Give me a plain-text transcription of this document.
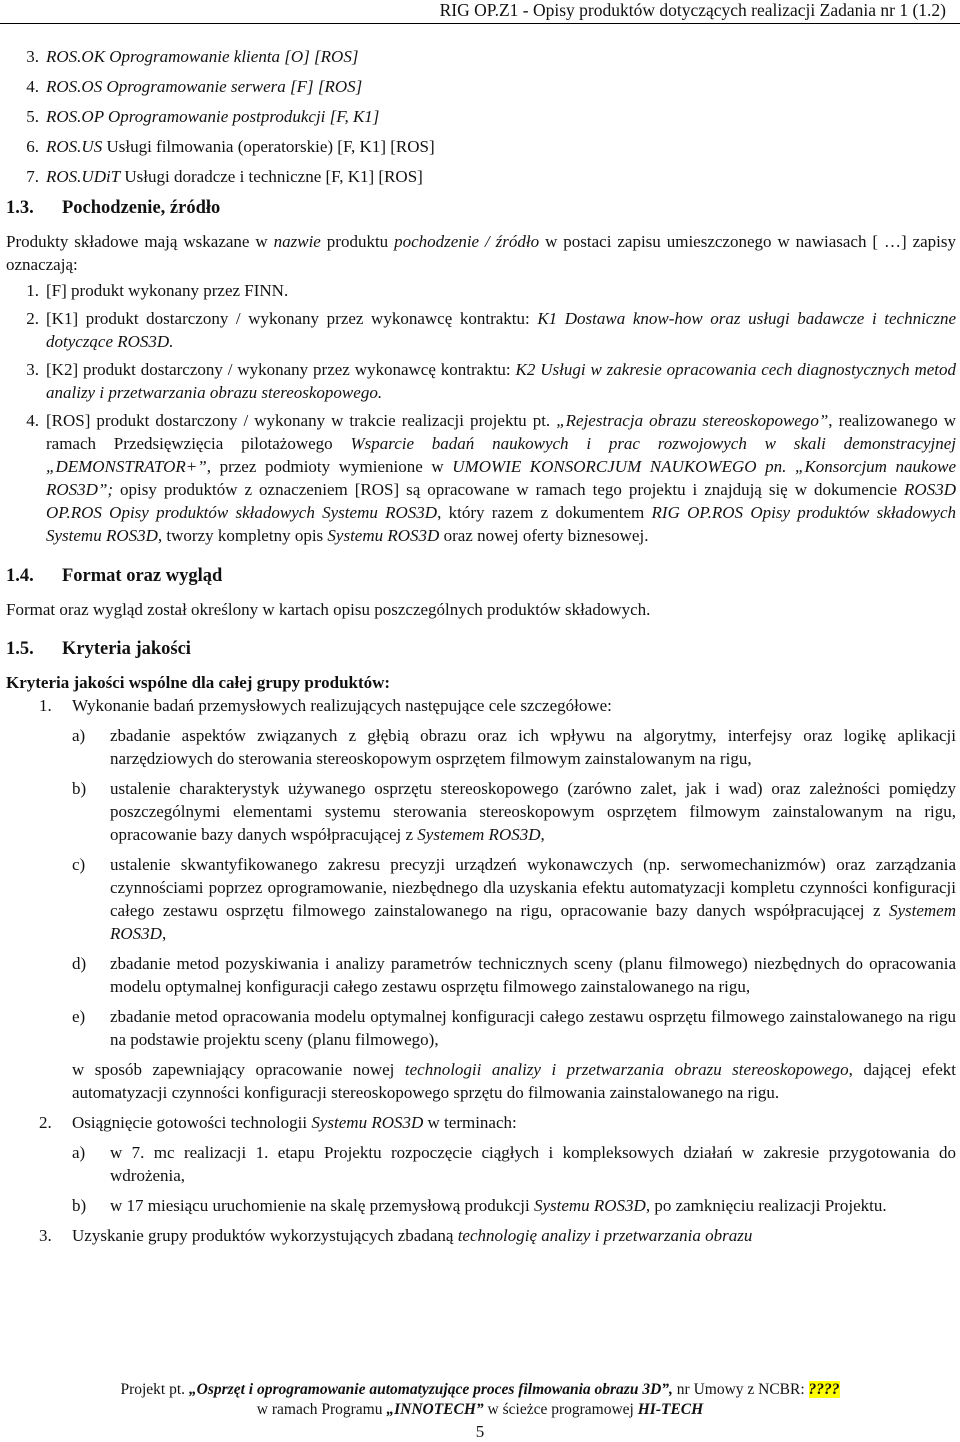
RIG OP.Z1 - Opisy produktów dotyczących realizacji Zadania nr 1 (1.2)
3. ROS.OK Oprogramowanie klienta [O] [ROS]
4. ROS.OS Oprogramowanie serwera [F] [ROS]
5. ROS.OP Oprogramowanie postprodukcji [F, K1]
6. ROS.US Usługi filmowania (operatorskie) [F, K1] [ROS]
7. ROS.UDiT Usługi doradcze i techniczne [F, K1] [ROS]
1.3. Pochodzenie, źródło

Produkty składowe mają wskazane w nazwie produktu pochodzenie / źródło w postaci zapisu umieszczonego w nawiasach [ …] zapisy oznaczają:

1. [F] produkt wykonany przez FINN.
2. [K1] produkt dostarczony / wykonany przez wykonawcę kontraktu: K1 Dostawa know-how oraz usługi badawcze i techniczne dotyczące ROS3D.
3. [K2] produkt dostarczony / wykonany przez wykonawcę kontraktu: K2 Usługi w zakresie opracowania cech diagnostycznych metod analizy i przetwarzania obrazu stereoskopowego.
4. [ROS] produkt dostarczony / wykonany w trakcie realizacji projektu pt. „Rejestracja obrazu stereoskopowego”, realizowanego w ramach Przedsięwzięcia pilotażowego Wsparcie badań naukowych i prac rozwojowych w skali demonstracyjnej „DEMONSTRATOR+”, przez podmioty wymienione w UMOWIE KONSORCJUM NAUKOWEGO pn. „Konsorcjum naukowe ROS3D”; opisy produktów z oznaczeniem [ROS] są opracowane w ramach tego projektu i znajdują się w dokumencie ROS3D OP.ROS Opisy produktów składowych Systemu ROS3D, który razem z dokumentem RIG OP.ROS Opisy produktów składowych Systemu ROS3D, tworzy kompletny opis Systemu ROS3D oraz nowej oferty biznesowej.
1.4. Format oraz wygląd

Format oraz wygląd został określony w kartach opisu poszczególnych produktów składowych.

1.5. Kryteria jakości

Kryteria jakości wspólne dla całej grupy produktów:

1.	Wykonanie badań przemysłowych realizujących następujące cele szczegółowe:
a)	zbadanie aspektów związanych z głębią obrazu oraz ich wpływu na algorytmy, interfejsy oraz logikę aplikacji narzędziowych do sterowania stereoskopowym osprzętem filmowym zainstalowanym na rigu,
b)	ustalenie charakterystyk używanego osprzętu stereoskopowego (zarówno zalet, jak i wad) oraz zależności pomiędzy poszczególnymi elementami systemu sterowania stereoskopowym osprzętem filmowym zainstalowanym na rigu, opracowanie bazy danych współpracującej z Systemem ROS3D,
c)	ustalenie skwantyfikowanego zakresu precyzji urządzeń wykonawczych (np. serwomechanizmów) oraz zarządzania czynnościami poprzez oprogramowanie, niezbędnego dla uzyskania efektu automatyzacji kompletu czynności konfiguracji całego zestawu osprzętu filmowego zainstalowanego na rigu, opracowanie bazy danych współpracującej z Systemem ROS3D,
d)	zbadanie metod pozyskiwania i analizy parametrów technicznych sceny (planu filmowego) niezbędnych do opracowania modelu optymalnej konfiguracji całego zestawu osprzętu filmowego zainstalowanego na rigu,
e)	zbadanie metod opracowania modelu optymalnej konfiguracji całego zestawu osprzętu filmowego zainstalowanego na rigu na podstawie projektu sceny (planu filmowego),

w sposób zapewniający opracowanie nowej technologii analizy i przetwarzania obrazu stereoskopowego, dającej efekt automatyzacji czynności konfiguracji stereoskopowego sprzętu do filmowania zainstalowanego na rigu.

2.	Osiągnięcie gotowości technologii Systemu ROS3D w terminach:
a)	w 7. mc realizacji 1. etapu Projektu rozpoczęcie ciągłych i kompleksowych działań w zakresie przygotowania do wdrożenia,
b)	w 17 miesiącu uruchomienie na skalę przemysłową produkcji Systemu ROS3D, po zamknięciu realizacji Projektu.
3.	Uzyskanie grupy produktów wykorzystujących zbadaną technologię analizy i przetwarzania obrazu
Projekt pt. „Osprzęt i oprogramowanie automatyzujące proces filmowania obrazu 3D”, nr Umowy z NCBR: ????
w ramach Programu „INNOTECH” w ścieżce programowej HI-TECH
5
